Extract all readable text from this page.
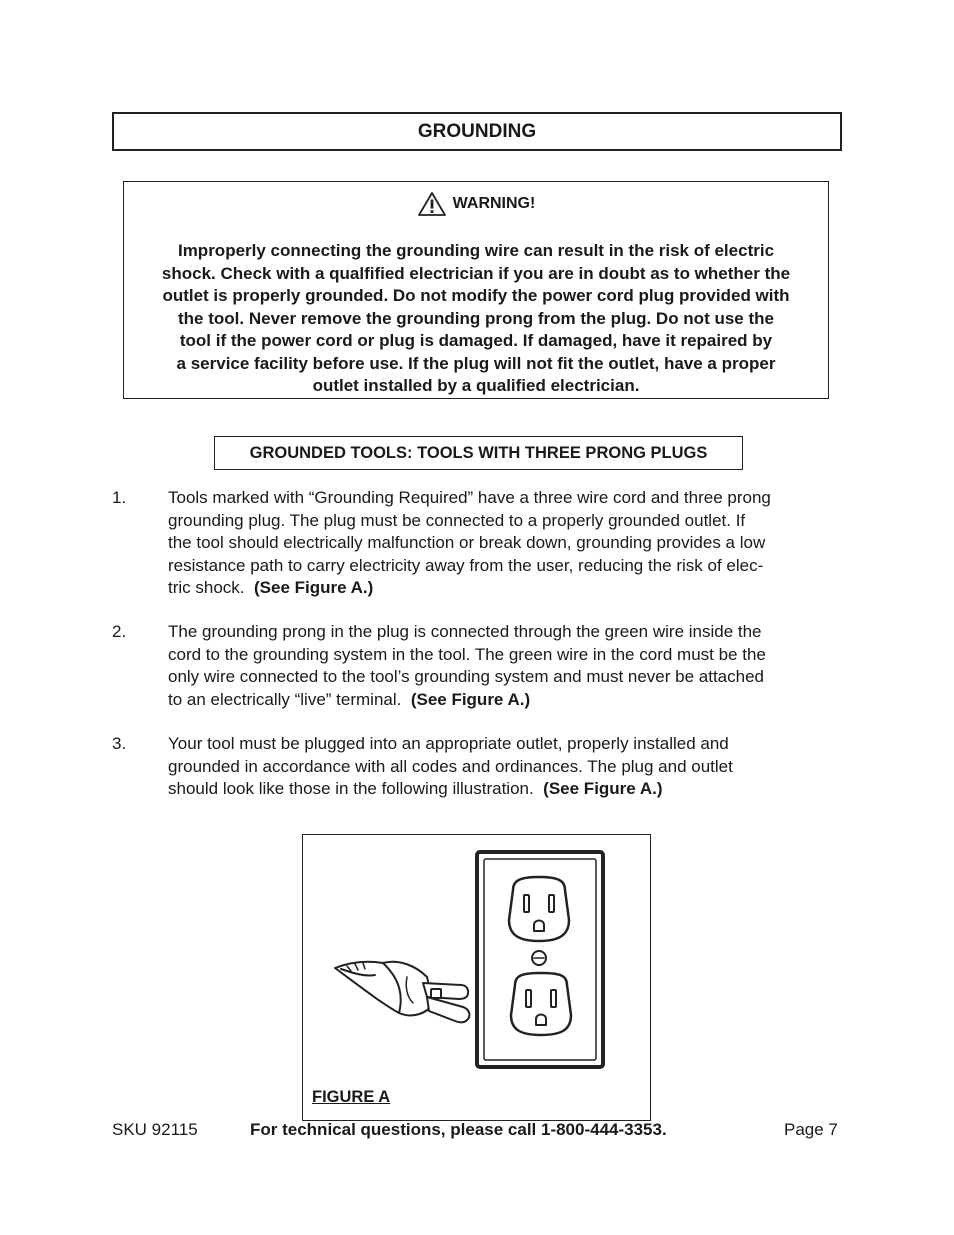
GROUNDING
WARNING!
Improperly connecting the grounding wire can result in the risk of electric
shock. Check with a qualfified electrician if you are in doubt as to whether the
outlet is properly grounded. Do not modify the power cord plug provided with
the tool. Never remove the grounding prong from the plug. Do not use the
tool if the power cord or plug is damaged. If damaged, have it repaired by
a service facility before use. If the plug will not fit the outlet, have a proper
outlet installed by a qualified electrician.
GROUNDED TOOLS: TOOLS WITH THREE PRONG PLUGS
1. Tools marked with “Grounding Required” have a three wire cord and three prong
grounding plug. The plug must be connected to a properly grounded outlet. If
the tool should electrically malfunction or break down, grounding provides a low
resistance path to carry electricity away from the user, reducing the risk of elec-
tric shock. (See Figure A.)
2. The grounding prong in the plug is connected through the green wire inside the
cord to the grounding system in the tool. The green wire in the cord must be the
only wire connected to the tool’s grounding system and must never be attached
to an electrically “live” terminal. (See Figure A.)
3. Your tool must be plugged into an appropriate outlet, properly installed and
grounded in accordance with all codes and ordinances. The plug and outlet
should look like those in the following illustration. (See Figure A.)
FIGURE A
SKU 92115	For technical questions, please call 1-800-444-3353.	Page 7
